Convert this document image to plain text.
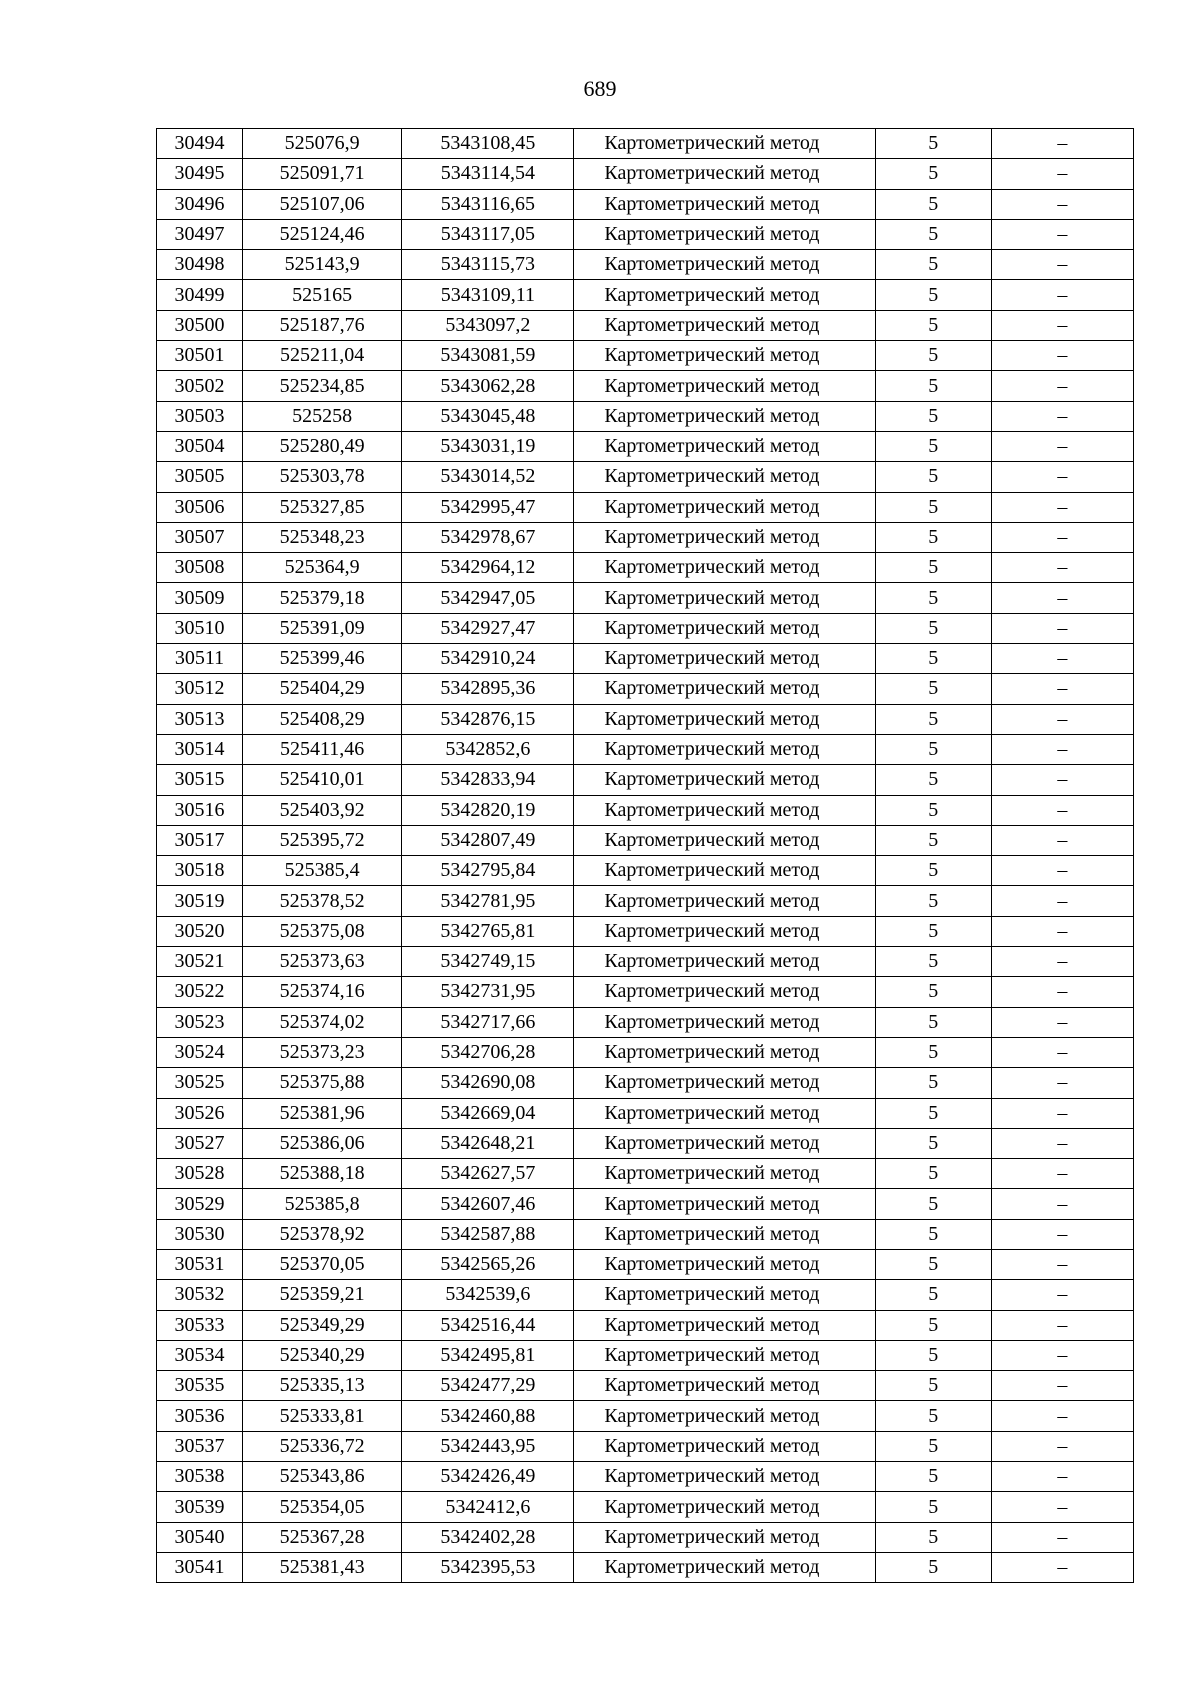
689
30494	525076,9	5343108,45	Картометрический метод	5	–
30495	525091,71	5343114,54	Картометрический метод	5	–
30496	525107,06	5343116,65	Картометрический метод	5	–
30497	525124,46	5343117,05	Картометрический метод	5	–
30498	525143,9	5343115,73	Картометрический метод	5	–
30499	525165	5343109,11	Картометрический метод	5	–
30500	525187,76	5343097,2	Картометрический метод	5	–
30501	525211,04	5343081,59	Картометрический метод	5	–
30502	525234,85	5343062,28	Картометрический метод	5	–
30503	525258	5343045,48	Картометрический метод	5	–
30504	525280,49	5343031,19	Картометрический метод	5	–
30505	525303,78	5343014,52	Картометрический метод	5	–
30506	525327,85	5342995,47	Картометрический метод	5	–
30507	525348,23	5342978,67	Картометрический метод	5	–
30508	525364,9	5342964,12	Картометрический метод	5	–
30509	525379,18	5342947,05	Картометрический метод	5	–
30510	525391,09	5342927,47	Картометрический метод	5	–
30511	525399,46	5342910,24	Картометрический метод	5	–
30512	525404,29	5342895,36	Картометрический метод	5	–
30513	525408,29	5342876,15	Картометрический метод	5	–
30514	525411,46	5342852,6	Картометрический метод	5	–
30515	525410,01	5342833,94	Картометрический метод	5	–
30516	525403,92	5342820,19	Картометрический метод	5	–
30517	525395,72	5342807,49	Картометрический метод	5	–
30518	525385,4	5342795,84	Картометрический метод	5	–
30519	525378,52	5342781,95	Картометрический метод	5	–
30520	525375,08	5342765,81	Картометрический метод	5	–
30521	525373,63	5342749,15	Картометрический метод	5	–
30522	525374,16	5342731,95	Картометрический метод	5	–
30523	525374,02	5342717,66	Картометрический метод	5	–
30524	525373,23	5342706,28	Картометрический метод	5	–
30525	525375,88	5342690,08	Картометрический метод	5	–
30526	525381,96	5342669,04	Картометрический метод	5	–
30527	525386,06	5342648,21	Картометрический метод	5	–
30528	525388,18	5342627,57	Картометрический метод	5	–
30529	525385,8	5342607,46	Картометрический метод	5	–
30530	525378,92	5342587,88	Картометрический метод	5	–
30531	525370,05	5342565,26	Картометрический метод	5	–
30532	525359,21	5342539,6	Картометрический метод	5	–
30533	525349,29	5342516,44	Картометрический метод	5	–
30534	525340,29	5342495,81	Картометрический метод	5	–
30535	525335,13	5342477,29	Картометрический метод	5	–
30536	525333,81	5342460,88	Картометрический метод	5	–
30537	525336,72	5342443,95	Картометрический метод	5	–
30538	525343,86	5342426,49	Картометрический метод	5	–
30539	525354,05	5342412,6	Картометрический метод	5	–
30540	525367,28	5342402,28	Картометрический метод	5	–
30541	525381,43	5342395,53	Картометрический метод	5	–
